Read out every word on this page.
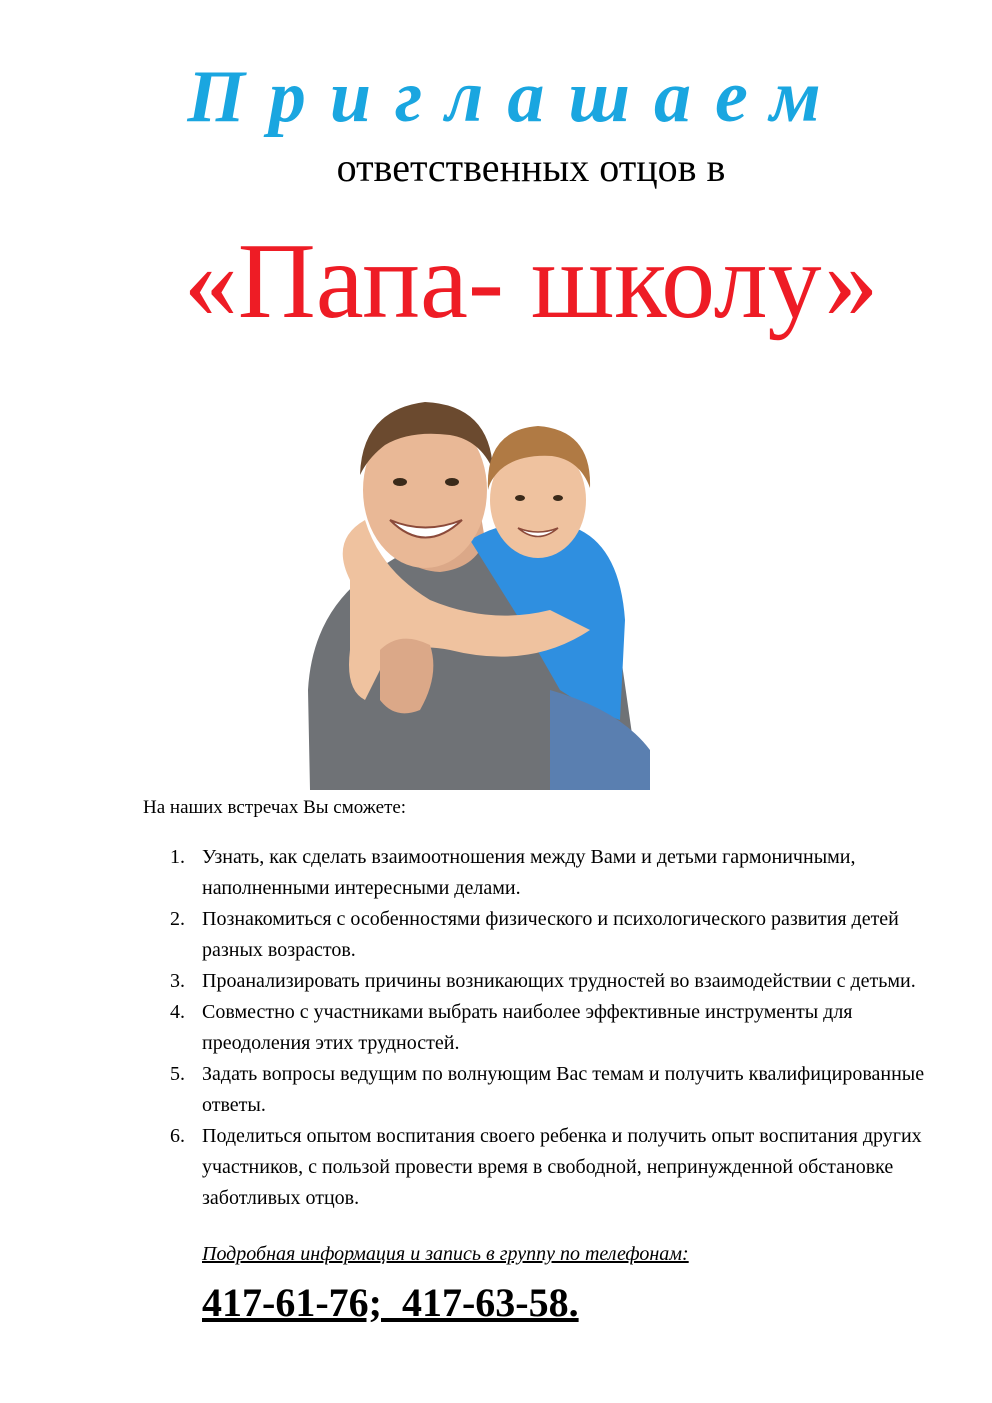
Приглашаем
ответственных отцов в
«Папа- школу»
На наших встречах Вы сможете:
1. Узнать, как сделать взаимоотношения между Вами и детьми гармоничными, наполненными интересными делами.
2. Познакомиться с особенностями физического и психологического развития детей разных возрастов.
3. Проанализировать причины возникающих трудностей во взаимодействии с детьми.
4. Совместно с участниками выбрать наиболее эффективные инструменты для преодоления этих трудностей.
5. Задать вопросы ведущим по волнующим Вас темам и получить квалифицированные ответы.
6. Поделиться опытом воспитания своего ребенка и получить опыт воспитания других участников, с пользой провести время в свободной, непринужденной обстановке заботливых отцов.
Подробная информация и запись в группу по телефонам:
417-61-76;  417-63-58.
